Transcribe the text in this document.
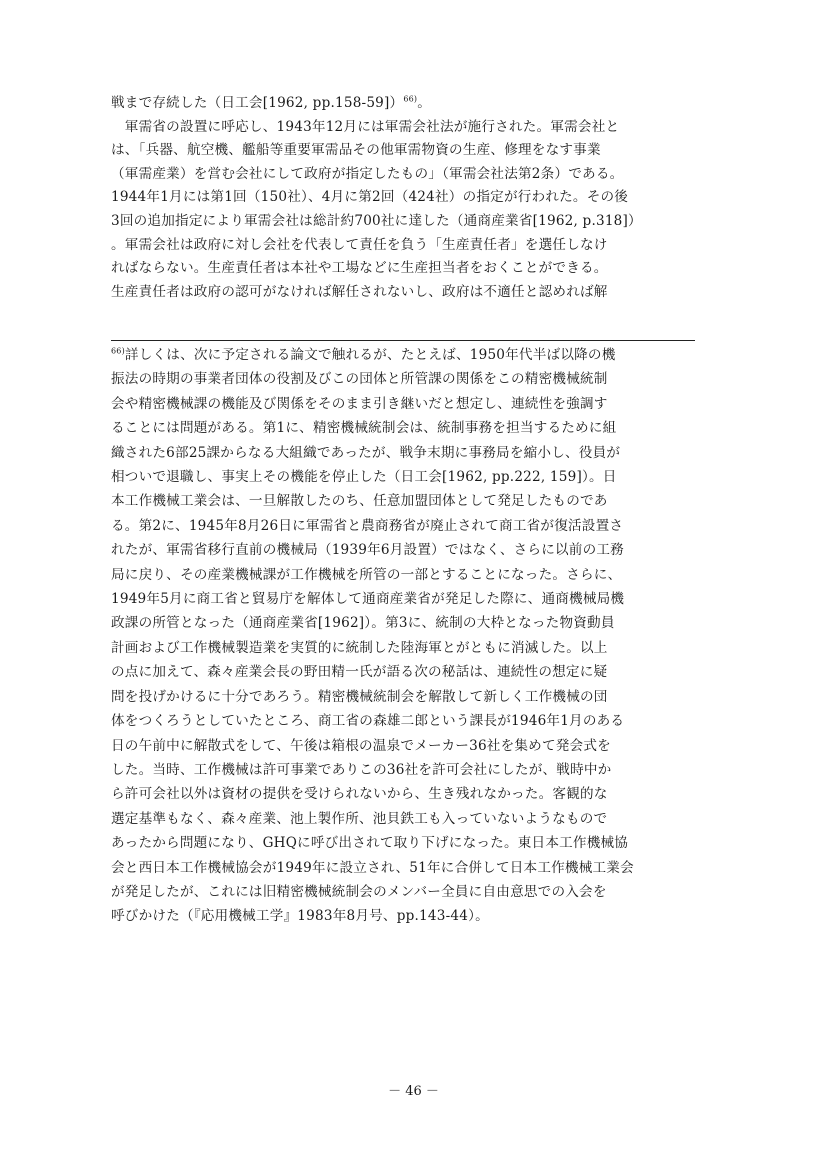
戦まで存続した（日工会[1962, pp.158-59]）$^{66)}$。
　軍需省の設置に呼応し、1943年12月には軍需会社法が施行された。軍需会社と
は、「兵器、航空機、艦船等重要軍需品その他軍需物資の生産、修理をなす事業
（軍需産業）を営む会社にして政府が指定したもの」（軍需会社法第2条）である。
1944年1月には第1回（150社）、4月に第2回（424社）の指定が行われた。その後
3回の追加指定により軍需会社は総計約700社に達した（通商産業省[1962, p.318]）
。軍需会社は政府に対し会社を代表して責任を負う「生産責任者」を選任しなけ
ればならない。生産責任者は本社や工場などに生産担当者をおくことができる。
生産責任者は政府の認可がなければ解任されないし、政府は不適任と認めれば解
$^{66)}$詳しくは、次に予定される論文で触れるが、たとえば、1950年代半ば以降の機
振法の時期の事業者団体の役割及びこの団体と所管課の関係をこの精密機械統制
会や精密機械課の機能及び関係をそのまま引き継いだと想定し、連続性を強調す
ることには問題がある。第1に、精密機械統制会は、統制事務を担当するために組
織された6部25課からなる大組織であったが、戦争末期に事務局を縮小し、役員が
相ついで退職し、事実上その機能を停止した（日工会[1962, pp.222, 159]）。日
本工作機械工業会は、一旦解散したのち、任意加盟団体として発足したものであ
る。第2に、1945年8月26日に軍需省と農商務省が廃止されて商工省が復活設置さ
れたが、軍需省移行直前の機械局（1939年6月設置）ではなく、さらに以前の工務
局に戻り、その産業機械課が工作機械を所管の一部とすることになった。さらに、
1949年5月に商工省と貿易庁を解体して通商産業省が発足した際に、通商機械局機
政課の所管となった（通商産業省[1962]）。第3に、統制の大枠となった物資動員
計画および工作機械製造業を実質的に統制した陸海軍とがともに消滅した。以上
の点に加えて、森々産業会長の野田精一氏が語る次の秘話は、連続性の想定に疑
問を投げかけるに十分であろう。精密機械統制会を解散して新しく工作機械の団
体をつくろうとしていたところ、商工省の森雄二郎という課長が1946年1月のある
日の午前中に解散式をして、午後は箱根の温泉でメーカー36社を集めて発会式を
した。当時、工作機械は許可事業でありこの36社を許可会社にしたが、戦時中か
ら許可会社以外は資材の提供を受けられないから、生き残れなかった。客観的な
選定基準もなく、森々産業、池上製作所、池貝鉄工も入っていないようなもので
あったから問題になり、GHQに呼び出されて取り下げになった。東日本工作機械協
会と西日本工作機械協会が1949年に設立され、51年に合併して日本工作機械工業会
が発足したが、これには旧精密機械統制会のメンバー全員に自由意思での入会を
呼びかけた（『応用機械工学』1983年8月号、pp.143-44）。
－ 46 －
